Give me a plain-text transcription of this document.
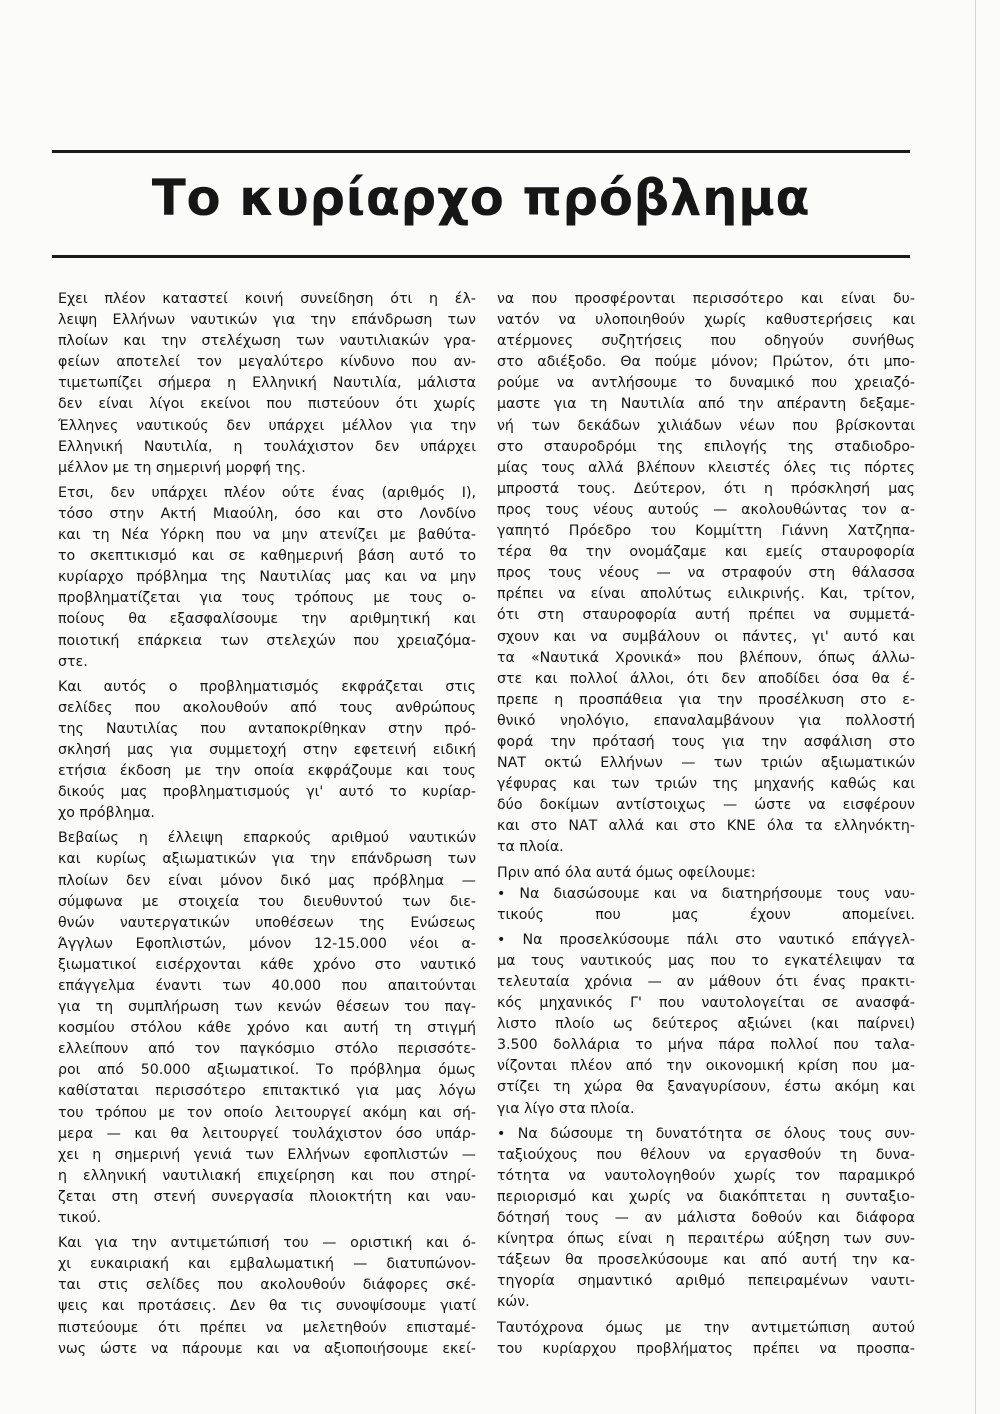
Το κυρίαρχο πρόβλημα
Εχει πλέον καταστεί κοινή συνείδηση ότι η έλ-
λειψη Ελλήνων ναυτικών για την επάνδρωση των
πλοίων και την στελέχωση των ναυτιλιακών γρα-
φείων αποτελεί τον μεγαλύτερο κίνδυνο που αν-
τιμετωπίζει σήμερα η Ελληνική Ναυτιλία, μάλιστα
δεν είναι λίγοι εκείνοι που πιστεύουν ότι χωρίς
Έλληνες ναυτικούς δεν υπάρχει μέλλον για την
Ελληνική Ναυτιλία, η τουλάχιστον δεν υπάρχει
μέλλον με τη σημερινή μορφή της.
Ετσι, δεν υπάρχει πλέον ούτε ένας (αριθμός Ι),
τόσο στην Ακτή Μιαούλη, όσο και στο Λονδίνο
και τη Νέα Υόρκη που να μην ατενίζει με βαθύτα-
το σκεπτικισμό και σε καθημερινή βάση αυτό το
κυρίαρχο πρόβλημα της Ναυτιλίας μας και να μην
προβληματίζεται για τους τρόπους με τους ο-
ποίους θα εξασφαλίσουμε την αριθμητική και
ποιοτική επάρκεια των στελεχών που χρειαζόμα-
στε.
Και αυτός ο προβληματισμός εκφράζεται στις
σελίδες που ακολουθούν από τους ανθρώπους
της Ναυτιλίας που ανταποκρίθηκαν στην πρό-
σκλησή μας για συμμετοχή στην εφετεινή ειδική
ετήσια έκδοση με την οποία εκφράζουμε και τους
δικούς μας προβληματισμούς γι' αυτό το κυρίαρ-
χο πρόβλημα.
Βεβαίως η έλλειψη επαρκούς αριθμού ναυτικών
και κυρίως αξιωματικών για την επάνδρωση των
πλοίων δεν είναι μόνον δικό μας πρόβλημα —
σύμφωνα με στοιχεία του διευθυντού των διε-
θνών ναυτεργατικών υποθέσεων της Ενώσεως
Άγγλων Εφοπλιστών, μόνον 12-15.000 νέοι α-
ξιωματικοί εισέρχονται κάθε χρόνο στο ναυτικό
επάγγελμα έναντι των 40.000 που απαιτούνται
για τη συμπλήρωση των κενών θέσεων του παγ-
κοσμίου στόλου κάθε χρόνο και αυτή τη στιγμή
ελλείπουν από τον παγκόσμιο στόλο περισσότε-
ροι από 50.000 αξιωματικοί. Το πρόβλημα όμως
καθίσταται περισσότερο επιτακτικό για μας λόγω
του τρόπου με τον οποίο λειτουργεί ακόμη και σή-
μερα — και θα λειτουργεί τουλάχιστον όσο υπάρ-
χει η σημερινή γενιά των Ελλήνων εφοπλιστών —
η ελληνική ναυτιλιακή επιχείρηση και που στηρί-
ζεται στη στενή συνεργασία πλοιοκτήτη και ναυ-
τικού.
Και για την αντιμετώπισή του — οριστική και ό-
χι ευκαιριακή και εμβαλωματική — διατυπώνον-
ται στις σελίδες που ακολουθούν διάφορες σκέ-
ψεις και προτάσεις. Δεν θα τις συνοψίσουμε γιατί
πιστεύουμε ότι πρέπει να μελετηθούν επισταμέ-
νως ώστε να πάρουμε και να αξιοποιήσουμε εκεί-
να που προσφέρονται περισσότερο και είναι δυ-
νατόν να υλοποιηθούν χωρίς καθυστερήσεις και
ατέρμονες συζητήσεις που οδηγούν συνήθως
στο αδιέξοδο. Θα πούμε μόνον; Πρώτον, ότι μπο-
ρούμε να αντλήσουμε το δυναμικό που χρειαζό-
μαστε για τη Ναυτιλία από την απέραντη δεξαμε-
νή των δεκάδων χιλιάδων νέων που βρίσκονται
στο σταυροδρόμι της επιλογής της σταδιοδρο-
μίας τους αλλά βλέπουν κλειστές όλες τις πόρτες
μπροστά τους. Δεύτερον, ότι η πρόσκλησή μας
προς τους νέους αυτούς — ακολουθώντας τον α-
γαπητό Πρόεδρο του Κομμίττη Γιάννη Χατζηπα-
τέρα θα την ονομάζαμε και εμείς σταυροφορία
προς τους νέους — να στραφούν στη θάλασσα
πρέπει να είναι απολύτως ειλικρινής. Και, τρίτον,
ότι στη σταυροφορία αυτή πρέπει να συμμετά-
σχουν και να συμβάλουν οι πάντες, γι' αυτό και
τα «Ναυτικά Χρονικά» που βλέπουν, όπως άλλω-
στε και πολλοί άλλοι, ότι δεν αποδίδει όσα θα έ-
πρεπε η προσπάθεια για την προσέλκυση στο ε-
θνικό νηολόγιο, επαναλαμβάνουν για πολλοστή
φορά την πρότασή τους για την ασφάλιση στο
ΝΑΤ οκτώ Ελλήνων — των τριών αξιωματικών
γέφυρας και των τριών της μηχανής καθώς και
δύο δοκίμων αντίστοιχως — ώστε να εισφέρουν
και στο ΝΑΤ αλλά και στο ΚΝΕ όλα τα ελληνόκτη-
τα πλοία.
Πριν από όλα αυτά όμως οφείλουμε:
• Να διασώσουμε και να διατηρήσουμε τους ναυ-
τικούς που μας έχουν απομείνει.
• Να προσελκύσουμε πάλι στο ναυτικό επάγγελ-
μα τους ναυτικούς μας που το εγκατέλειψαν τα
τελευταία χρόνια — αν μάθουν ότι ένας πρακτι-
κός μηχανικός Γ' που ναυτολογείται σε ανασφά-
λιστο πλοίο ως δεύτερος αξιώνει (και παίρνει)
3.500 δολλάρια το μήνα πάρα πολλοί που ταλα-
νίζονται πλέον από την οικονομική κρίση που μα-
στίζει τη χώρα θα ξαναγυρίσουν, έστω ακόμη και
για λίγο στα πλοία.
• Να δώσουμε τη δυνατότητα σε όλους τους συν-
ταξιούχους που θέλουν να εργασθούν τη δυνα-
τότητα να ναυτολογηθούν χωρίς τον παραμικρό
περιορισμό και χωρίς να διακόπτεται η συνταξιο-
δότησή τους — αν μάλιστα δοθούν και διάφορα
κίνητρα όπως είναι η περαιτέρω αύξηση των συν-
τάξεων θα προσελκύσουμε και από αυτή την κα-
τηγορία σημαντικό αριθμό πεπειραμένων ναυτι-
κών.
Ταυτόχρονα όμως με την αντιμετώπιση αυτού
του κυρίαρχου προβλήματος πρέπει να προσπα-
